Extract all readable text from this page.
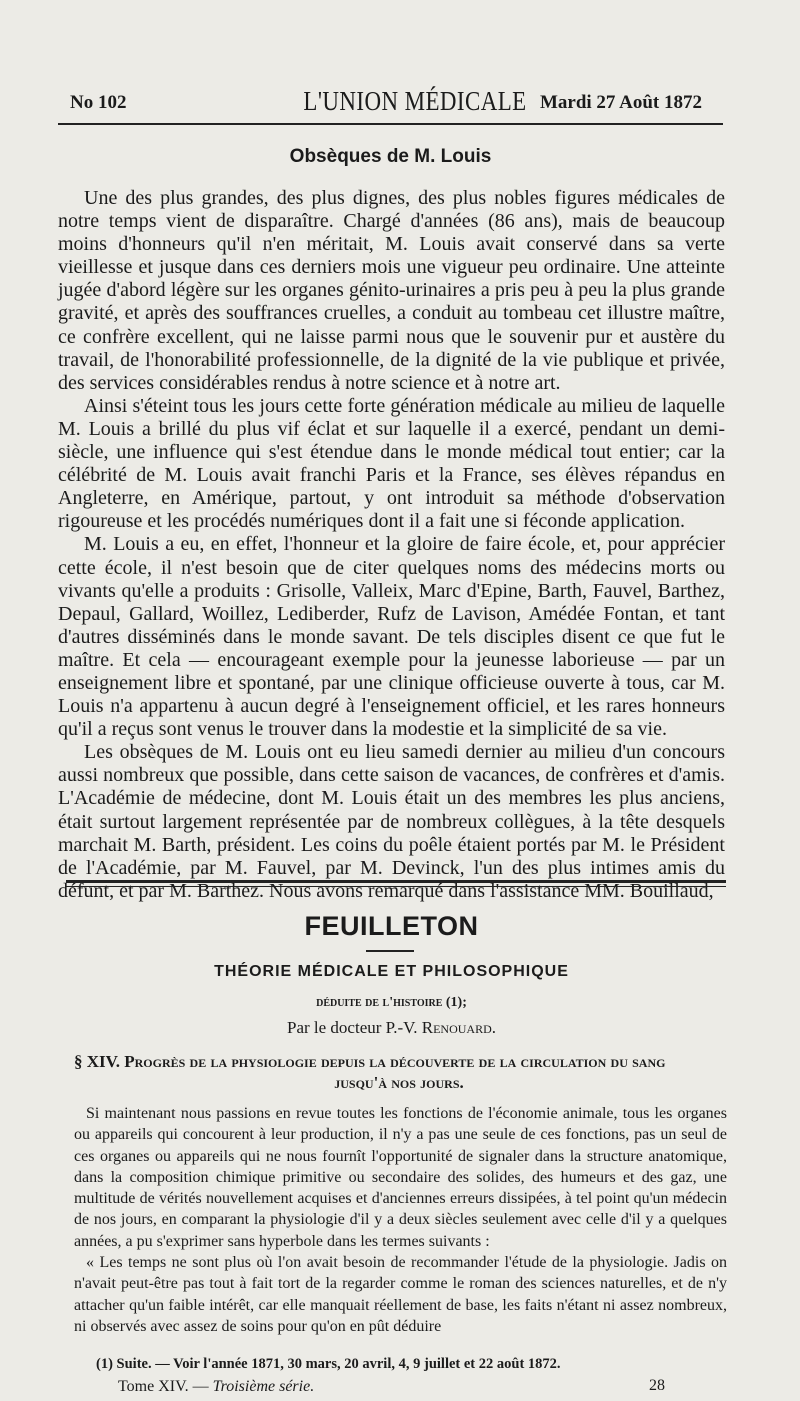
No 102	L'UNION MÉDICALE Mardi 27 Août 1872
Obsèques de M. Louis

Une des plus grandes, des plus dignes, des plus nobles figures médicales de notre temps vient de disparaître. Chargé d'années (86 ans), mais de beaucoup moins d'honneurs qu'il n'en méritait, M. Louis avait conservé dans sa verte vieillesse et jusque dans ces derniers mois une vigueur peu ordinaire. Une atteinte jugée d'abord légère sur les organes génito-urinaires a pris peu à peu la plus grande gravité, et après des souffrances cruelles, a conduit au tombeau cet illustre maître, ce confrère excellent, qui ne laisse parmi nous que le souvenir pur et austère du travail, de l'honorabilité professionnelle, de la dignité de la vie publique et privée, des services considérables rendus à notre science et à notre art.

Ainsi s'éteint tous les jours cette forte génération médicale au milieu de laquelle M. Louis a brillé du plus vif éclat et sur laquelle il a exercé, pendant un demi-siècle, une influence qui s'est étendue dans le monde médical tout entier; car la célébrité de M. Louis avait franchi Paris et la France, ses élèves répandus en Angleterre, en Amérique, partout, y ont introduit sa méthode d'observation rigoureuse et les procédés numériques dont il a fait une si féconde application.

M. Louis a eu, en effet, l'honneur et la gloire de faire école, et, pour apprécier cette école, il n'est besoin que de citer quelques noms des médecins morts ou vivants qu'elle a produits : Grisolle, Valleix, Marc d'Epine, Barth, Fauvel, Barthez, Depaul, Gallard, Woillez, Lediberder, Rufz de Lavison, Amédée Fontan, et tant d'autres disséminés dans le monde savant. De tels disciples disent ce que fut le maître. Et cela — encourageant exemple pour la jeunesse laborieuse — par un enseignement libre et spontané, par une clinique officieuse ouverte à tous, car M. Louis n'a appartenu à aucun degré à l'enseignement officiel, et les rares honneurs qu'il a reçus sont venus le trouver dans la modestie et la simplicité de sa vie.

Les obsèques de M. Louis ont eu lieu samedi dernier au milieu d'un concours aussi nombreux que possible, dans cette saison de vacances, de confrères et d'amis. L'Académie de médecine, dont M. Louis était un des membres les plus anciens, était surtout largement représentée par de nombreux collègues, à la tête desquels marchait M. Barth, président. Les coins du poêle étaient portés par M. le Président de l'Académie, par M. Fauvel, par M. Devinck, l'un des plus intimes amis du défunt, et par M. Barthez. Nous avons remarqué dans l'assistance MM. Bouillaud,

FEUILLETON
THÉORIE MÉDICALE ET PHILOSOPHIQUE
déduite de l'histoire (1);
Par le docteur P.-V. Renouard.
§ XIV. Progrès de la physiologie depuis la découverte de la circulation du sang
jusqu'à nos jours.

Si maintenant nous passions en revue toutes les fonctions de l'économie animale, tous les organes ou appareils qui concourent à leur production, il n'y a pas une seule de ces fonctions, pas un seul de ces organes ou appareils qui ne nous fournît l'opportunité de signaler dans la structure anatomique, dans la composition chimique primitive ou secondaire des solides, des humeurs et des gaz, une multitude de vérités nouvellement acquises et d'anciennes erreurs dissipées, à tel point qu'un médecin de nos jours, en comparant la physiologie d'il y a deux siècles seulement avec celle d'il y a quelques années, a pu s'exprimer sans hyperbole dans les termes suivants :

« Les temps ne sont plus où l'on avait besoin de recommander l'étude de la physiologie. Jadis on n'avait peut-être pas tout à fait tort de la regarder comme le roman des sciences naturelles, et de n'y attacher qu'un faible intérêt, car elle manquait réellement de base, les faits n'étant ni assez nombreux, ni observés avec assez de soins pour qu'on en pût déduire

(1) Suite. — Voir l'année 1871, 30 mars, 20 avril, 4, 9 juillet et 22 août 1872.
Tome XIV. — Troisième série.	28
